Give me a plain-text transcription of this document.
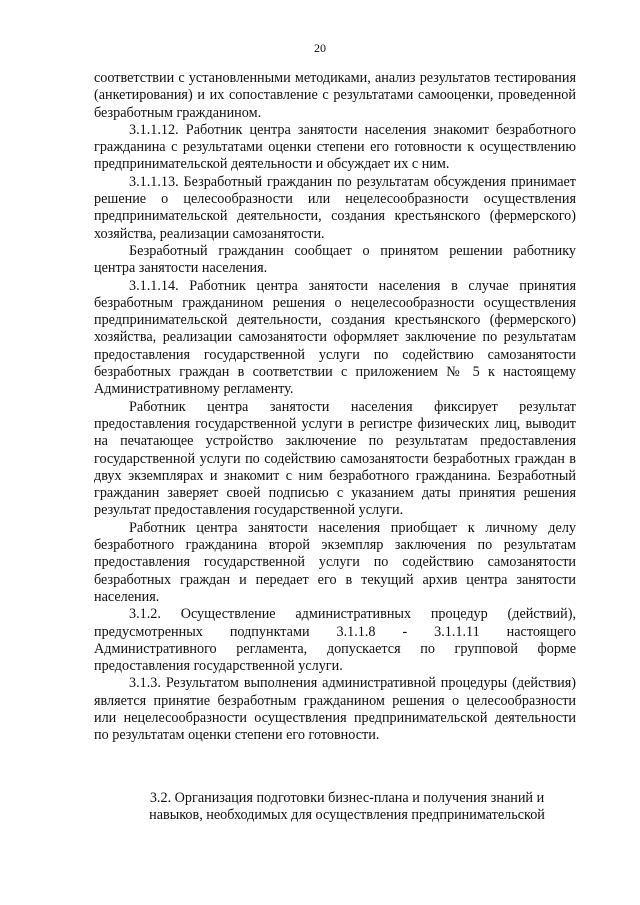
20

соответствии с установленными методиками, анализ результатов тестирования (анкетирования) и их сопоставление с результатами самооценки, проведенной безработным гражданином.

3.1.1.12. Работник центра занятости населения знакомит безработного гражданина с результатами оценки степени его готовности к осуществлению предпринимательской деятельности и обсуждает их с ним.

3.1.1.13. Безработный гражданин по результатам обсуждения принимает решение о целесообразности или нецелесообразности осуществления предпринимательской деятельности, создания крестьянского (фермерского) хозяйства, реализации самозанятости.

Безработный гражданин сообщает о принятом решении работнику центра занятости населения.

3.1.1.14. Работник центра занятости населения в случае принятия безработным гражданином решения о нецелесообразности осуществления предпринимательской деятельности, создания крестьянского (фермерского) хозяйства, реализации самозанятости оформляет заключение по результатам предоставления государственной услуги по содействию самозанятости безработных граждан в соответствии с приложением № 5 к настоящему Административному регламенту.

Работник центра занятости населения фиксирует результат предоставления государственной услуги в регистре физических лиц, выводит на печатающее устройство заключение по результатам предоставления государственной услуги по содействию самозанятости безработных граждан в двух экземплярах и знакомит с ним безработного гражданина. Безработный гражданин заверяет своей подписью с указанием даты принятия решения результат предоставления государственной услуги.

Работник центра занятости населения приобщает к личному делу безработного гражданина второй экземпляр заключения по результатам предоставления государственной услуги по содействию самозанятости безработных граждан и передает его в текущий архив центра занятости населения.

3.1.2. Осуществление административных процедур (действий), предусмотренных подпунктами 3.1.1.8 - 3.1.1.11 настоящего Административного регламента, допускается по групповой форме предоставления государственной услуги.

3.1.3. Результатом выполнения административной процедуры (действия) является принятие безработным гражданином решения о целесообразности или нецелесообразности осуществления предпринимательской деятельности по результатам оценки степени его готовности.

3.2. Организация подготовки бизнес-плана и получения знаний и навыков, необходимых для осуществления предпринимательской
